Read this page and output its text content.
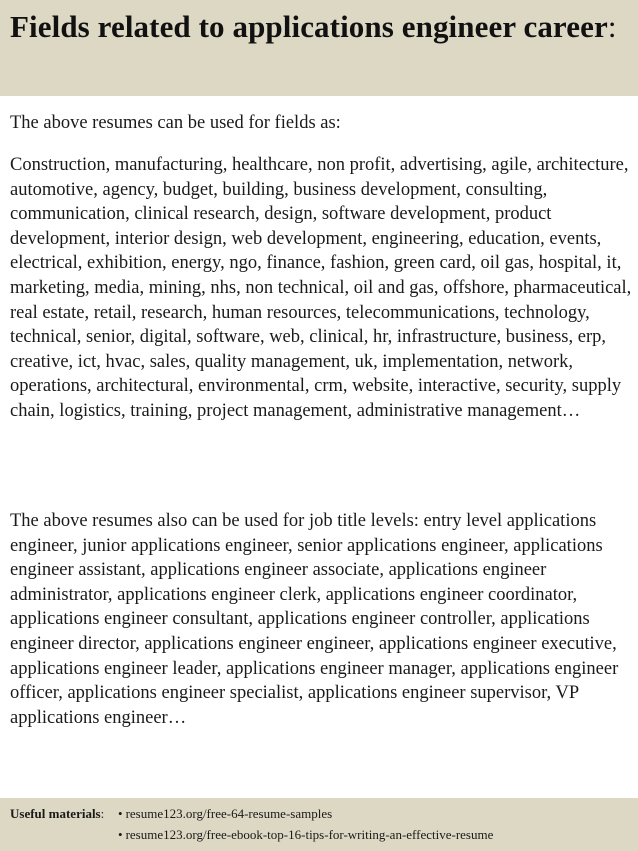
Fields related to applications engineer career:

The above resumes can be used for fields as:

Construction, manufacturing, healthcare, non profit, advertising, agile, architecture, automotive, agency, budget, building, business development, consulting, communication, clinical research, design, software development, product development, interior design, web development, engineering, education, events, electrical, exhibition, energy, ngo, finance, fashion, green card, oil gas, hospital, it, marketing, media, mining, nhs, non technical, oil and gas, offshore, pharmaceutical, real estate, retail, research, human resources, telecommunications, technology, technical, senior, digital, software, web, clinical, hr, infrastructure, business, erp, creative, ict, hvac, sales, quality management, uk, implementation, network, operations, architectural, environmental, crm, website, interactive, security, supply chain, logistics, training, project management, administrative management…

The above resumes also can be used for job title levels: entry level applications engineer, junior applications engineer, senior applications engineer, applications engineer assistant, applications engineer associate, applications engineer administrator, applications engineer clerk, applications engineer coordinator, applications engineer consultant, applications engineer controller, applications engineer director, applications engineer engineer, applications engineer executive, applications engineer leader, applications engineer manager, applications engineer officer, applications engineer specialist, applications engineer supervisor, VP applications engineer…

Useful materials:	• resume123.org/free-64-resume-samples
• resume123.org/free-ebook-top-16-tips-for-writing-an-effective-resume
